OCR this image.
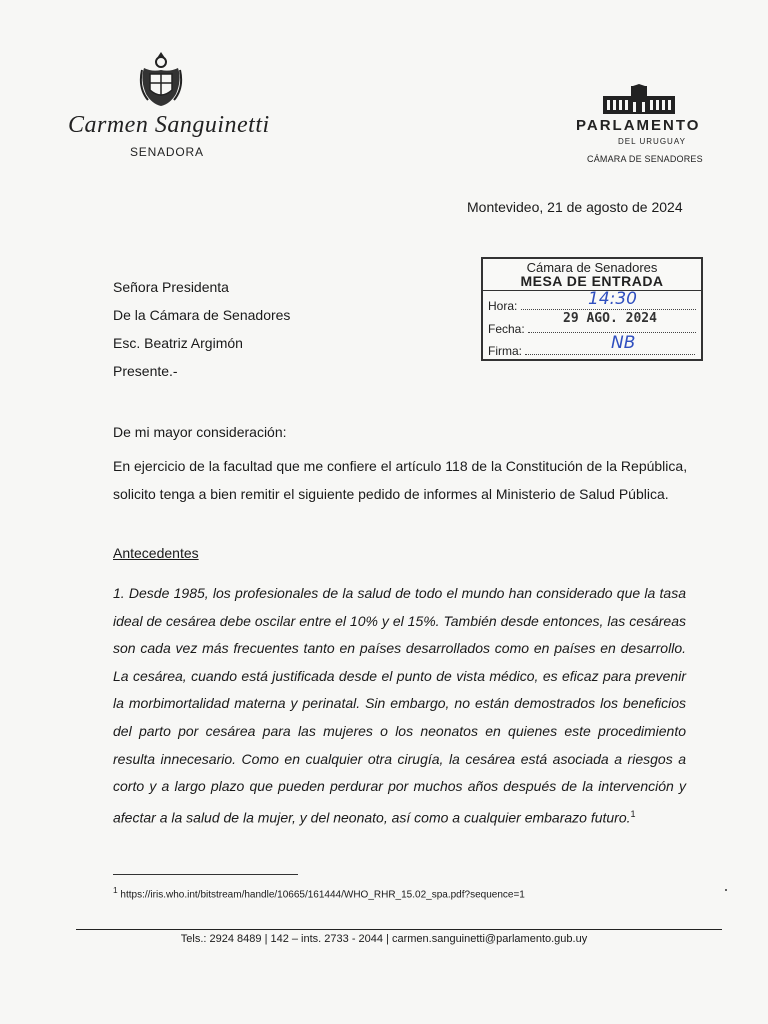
Carmen Sanguinetti
SENADORA
PARLAMENTO
DEL URUGUAY
CÁMARA DE SENADORES
Montevideo, 21 de agosto de 2024
Señora Presidenta
De la Cámara de Senadores
Esc. Beatriz Argimón
Presente.-
Cámara de Senadores
MESA DE ENTRADA
Hora:	14:30
Fecha:
29 AGO. 2024
Firma:	NB
De mi mayor consideración:
En ejercicio de la facultad que me confiere el artículo 118 de la Constitución de la República,
solicito tenga a bien remitir el siguiente pedido de informes al Ministerio de Salud Pública.
Antecedentes
1. Desde 1985, los profesionales de la salud de todo el mundo han considerado que la tasa ideal de cesárea debe oscilar entre el 10% y el 15%. También desde entonces, las cesáreas son cada vez más frecuentes tanto en países desarrollados como en países en desarrollo. La cesárea, cuando está justificada desde el punto de vista médico, es eficaz para prevenir la morbimortalidad materna y perinatal. Sin embargo, no están demostrados los beneficios del parto por cesárea para las mujeres o los neonatos en quienes este procedimiento resulta innecesario. Como en cualquier otra cirugía, la cesárea está asociada a riesgos a corto y a largo plazo que pueden perdurar por muchos años después de la intervención y afectar a la salud de la mujer, y del neonato, así como a cualquier embarazo futuro.$^1$
$^1$ https://iris.who.int/bitstream/handle/10665/161444/WHO_RHR_15.02_spa.pdf?sequence=1
Tels.: 2924 8489 | 142 – ints. 2733 - 2044 | carmen.sanguinetti@parlamento.gub.uy
